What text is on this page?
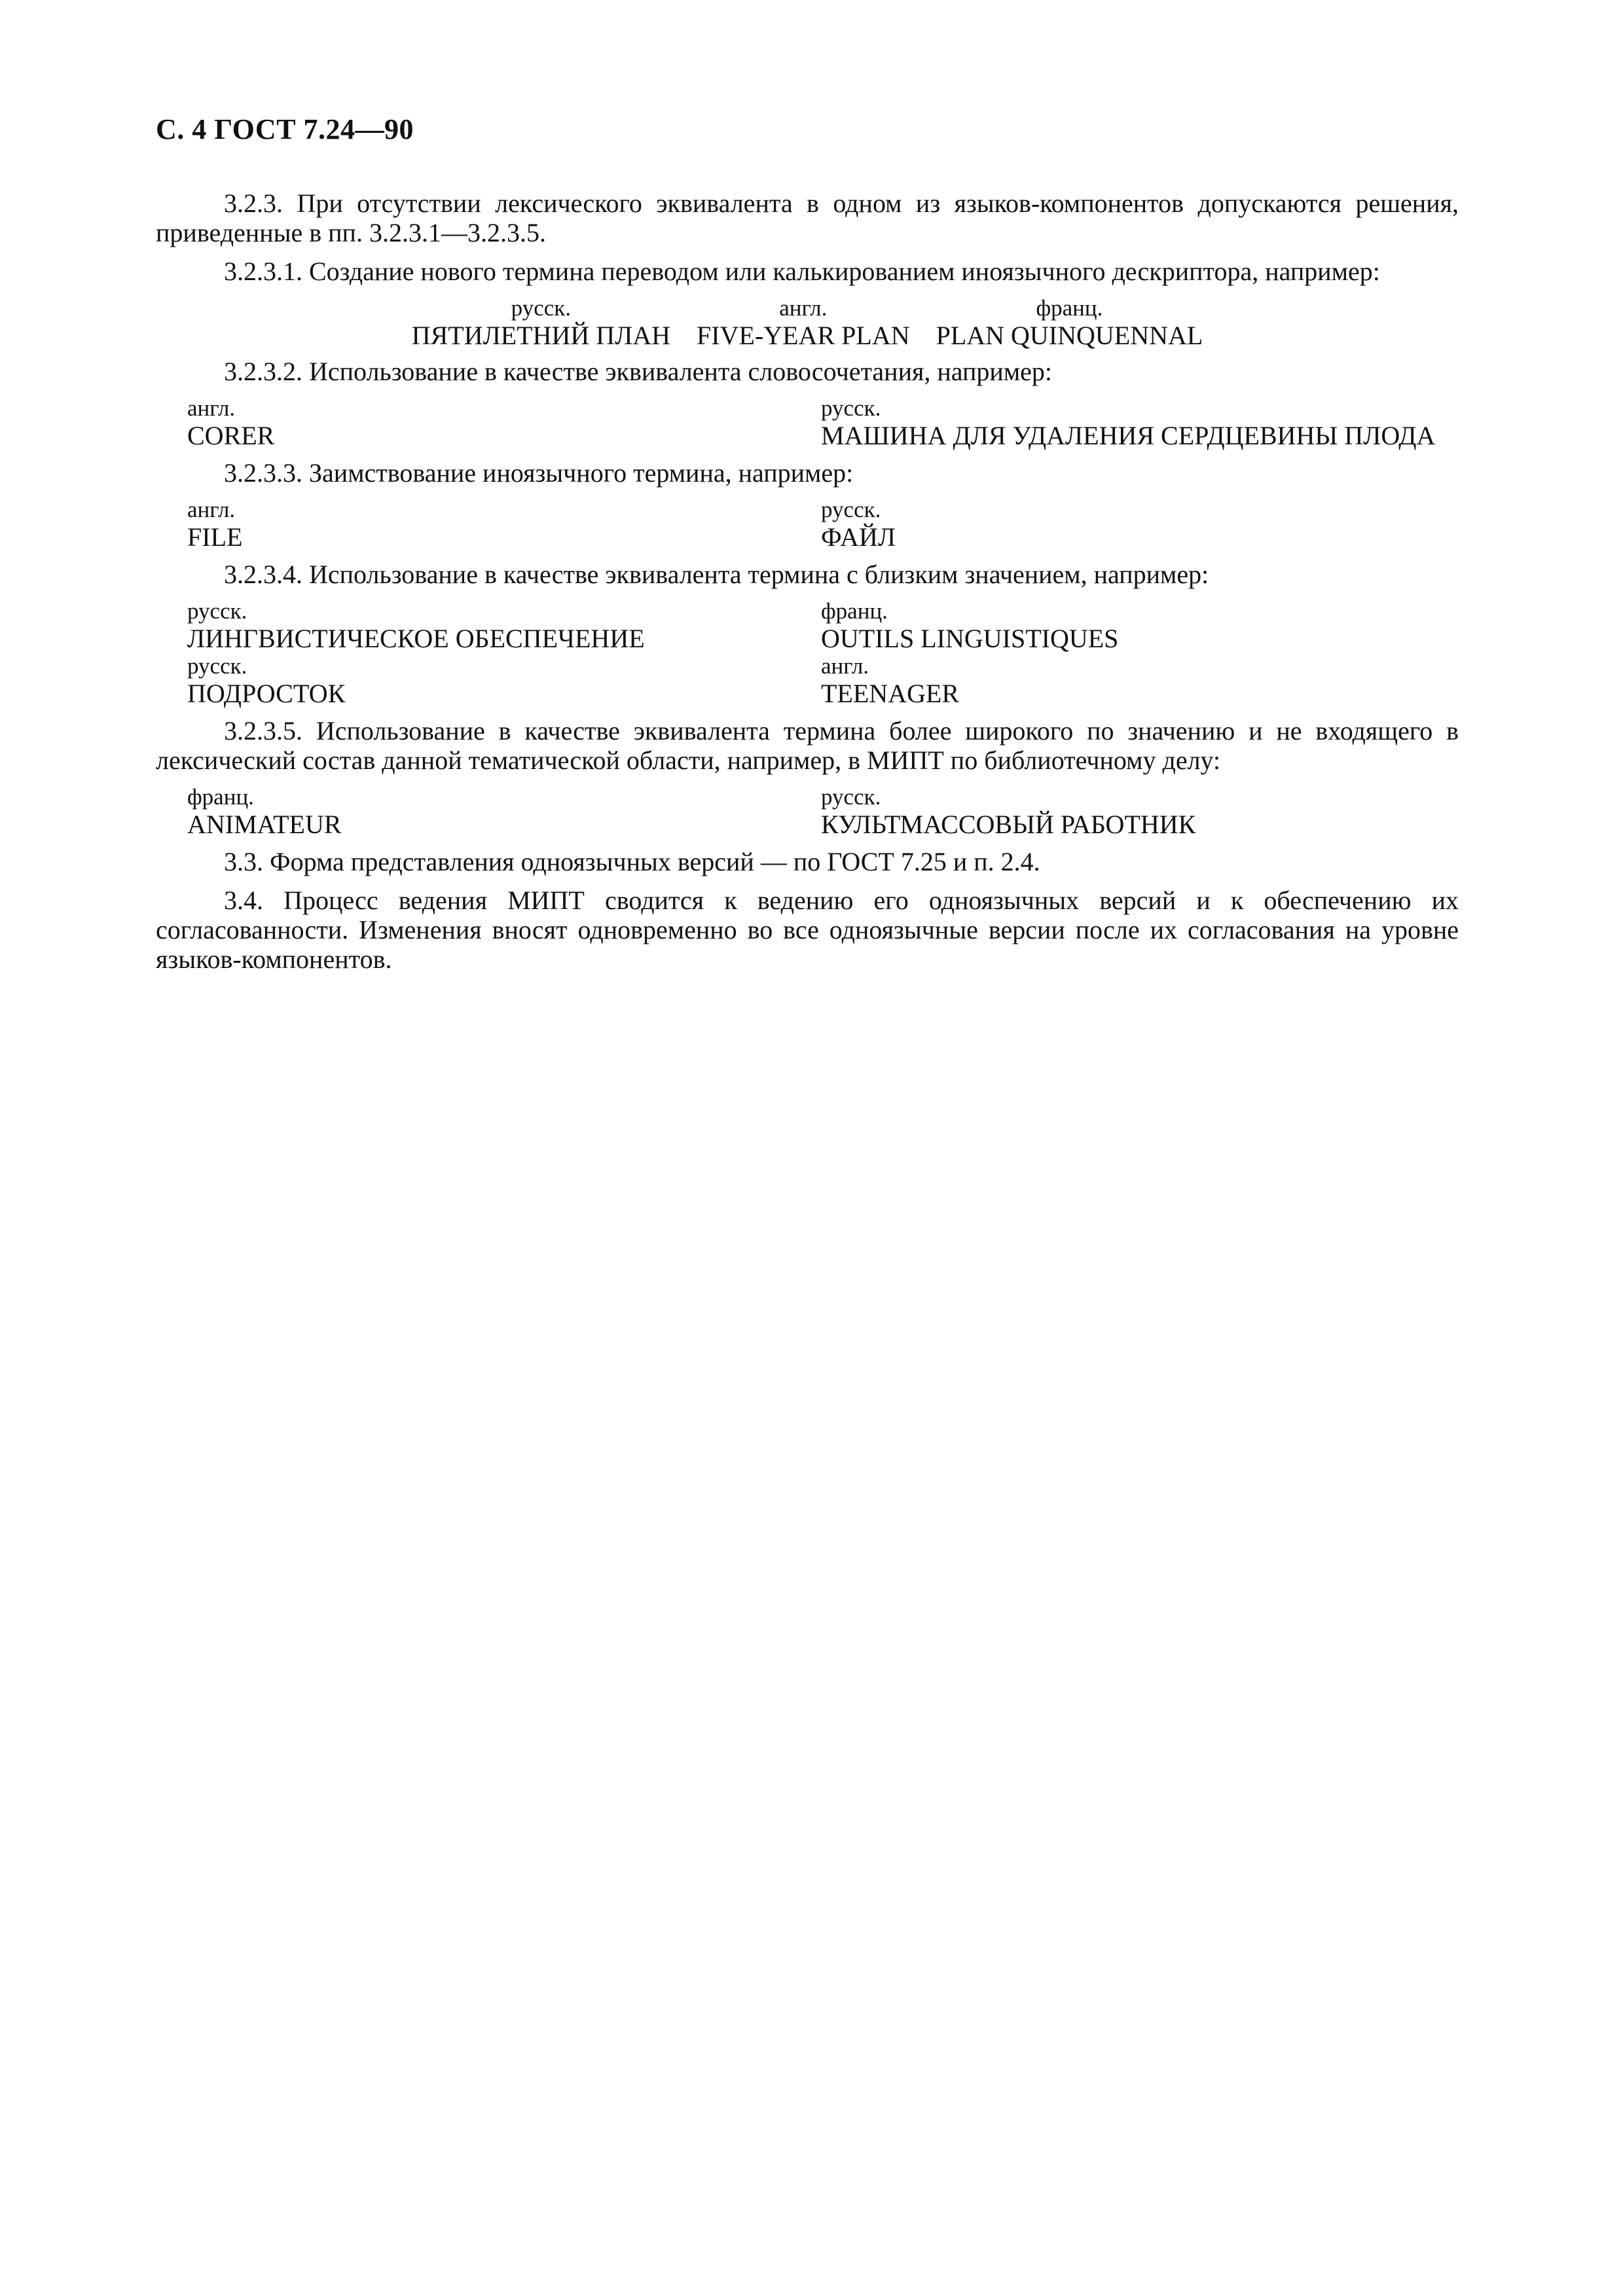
С. 4 ГОСТ 7.24—90

3.2.3. При отсутствии лексического эквивалента в одном из языков-компонентов допускаются решения, приведенные в пп. 3.2.3.1—3.2.3.5.

3.2.3.1. Создание нового термина переводом или калькированием иноязычного дескриптора, например:

русск.
ПЯТИЛЕТНИЙ ПЛАН
англ.
FIVE-YEAR PLAN
франц.
PLAN QUINQUENNAL

3.2.3.2. Использование в качестве эквивалента словосочетания, например:

англ.
CORER
русск.
МАШИНА ДЛЯ УДАЛЕНИЯ СЕРДЦЕВИНЫ ПЛОДА

3.2.3.3. Заимствование иноязычного термина, например:

англ.
FILE
русск.
ФАЙЛ

3.2.3.4. Использование в качестве эквивалента термина с близким значением, например:

русск.
ЛИНГВИСТИЧЕСКОЕ ОБЕСПЕЧЕНИЕ
франц.
OUTILS LINGUISTIQUES
русск.
ПОДРОСТОК
англ.
TEENAGER

3.2.3.5. Использование в качестве эквивалента термина более широкого по значению и не входящего в лексический состав данной тематической области, например, в МИПТ по библиотечному делу:

франц.
ANIMATEUR
русск.
КУЛЬТМАССОВЫЙ РАБОТНИК

3.3. Форма представления одноязычных версий — по ГОСТ 7.25 и п. 2.4.

3.4. Процесс ведения МИПТ сводится к ведению его одноязычных версий и к обеспечению их согласованности. Изменения вносят одновременно во все одноязычные версии после их согласования на уровне языков-компонентов.
